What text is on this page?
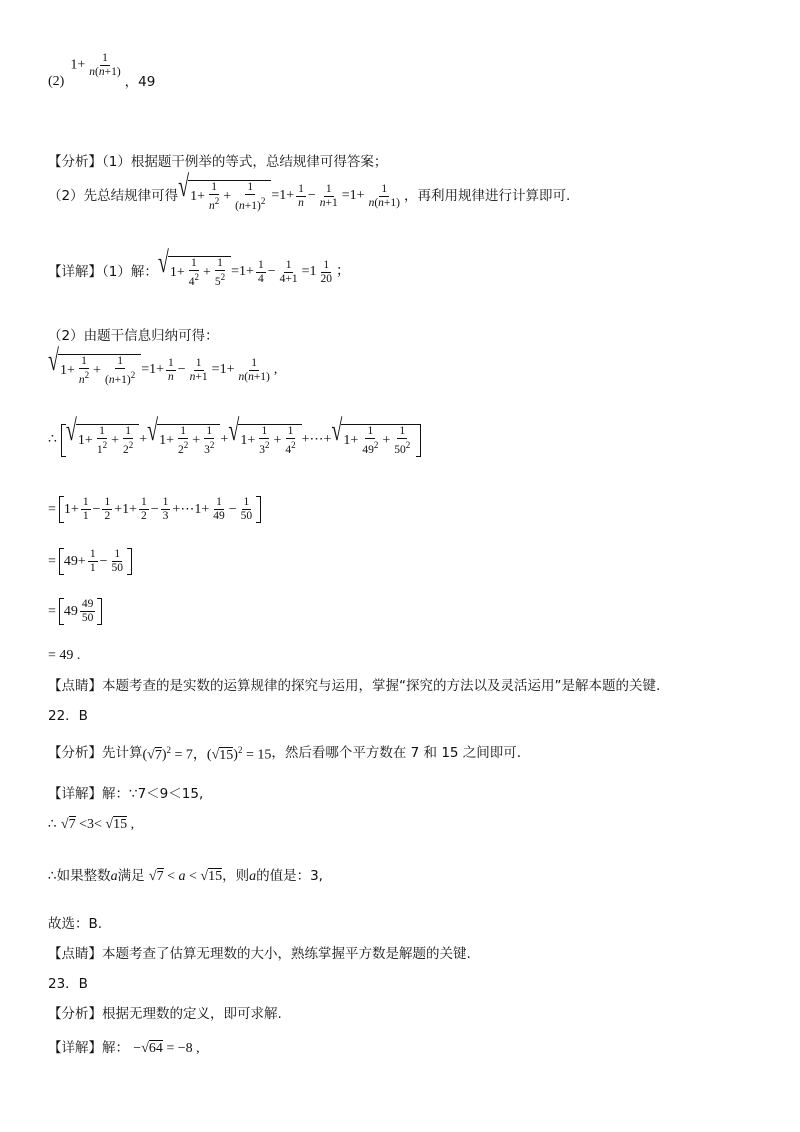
(2)
$1+ \frac{1}{n(n+1)}$
，49
【分析】（1）根据题干例举的等式，总结规律可得答案；
（2）先总结规律可得 √ $1+ \frac{1}{n^2} + \frac{1}{(n+1)^2} =1+ \frac{1}{n} - \frac{1}{n+1} =1+ \frac{1}{n(n+1)}$ ，再利用规律进行计算即可.
【详解】（1）解： √ $1+ \frac{1}{4^2} + \frac{1}{5^2} =1+ \frac{1}{4} - \frac{1}{4+1} =1 \frac{1}{20}$ ；
（2）由题干信息归纳可得：
√ $1+ \frac{1}{n^2} + \frac{1}{(n+1)^2} =1+ \frac{1}{n} - \frac{1}{n+1} =1+ \frac{1}{n(n+1)}$ ,
∴ √ $1+ \frac{1}{1^2} + \frac{1}{2^2}$ + √ $1+ \frac{1}{2^2} + \frac{1}{3^2}$ + √ $1+ \frac{1}{3^2} + \frac{1}{4^2}$ +⋯+ √ $1+ \frac{1}{49^2} + \frac{1}{50^2}$
= $1+ \frac{1}{1} - \frac{1}{2} +1+ \frac{1}{2} - \frac{1}{3}$ +⋯1+ $\frac{1}{49} - \frac{1}{50}$
= $49+ \frac{1}{1} - \frac{1}{50}$
= $49 \frac{49}{50}$
= 49 .
【点睛】本题考查的是实数的运算规律的探究与运用，掌握“探究的方法以及灵活运用”是解本题的关键.
22．B
【分析】先计算 $(√7)^2 = 7$，$(√15)^2 = 15$ ，然后看哪个平方数在 7 和 15 之间即可.
【详解】解：∵7＜9＜15,
∴ √7 <3< √15 ,
∴如果整数a满足 √7 < a < √15，则a的值是：3,
故选：B.
【点睛】本题考查了估算无理数的大小，熟练掌握平方数是解题的关键.
23．B
【分析】根据无理数的定义，即可求解.
【详解】解： −√64 = −8 ,
